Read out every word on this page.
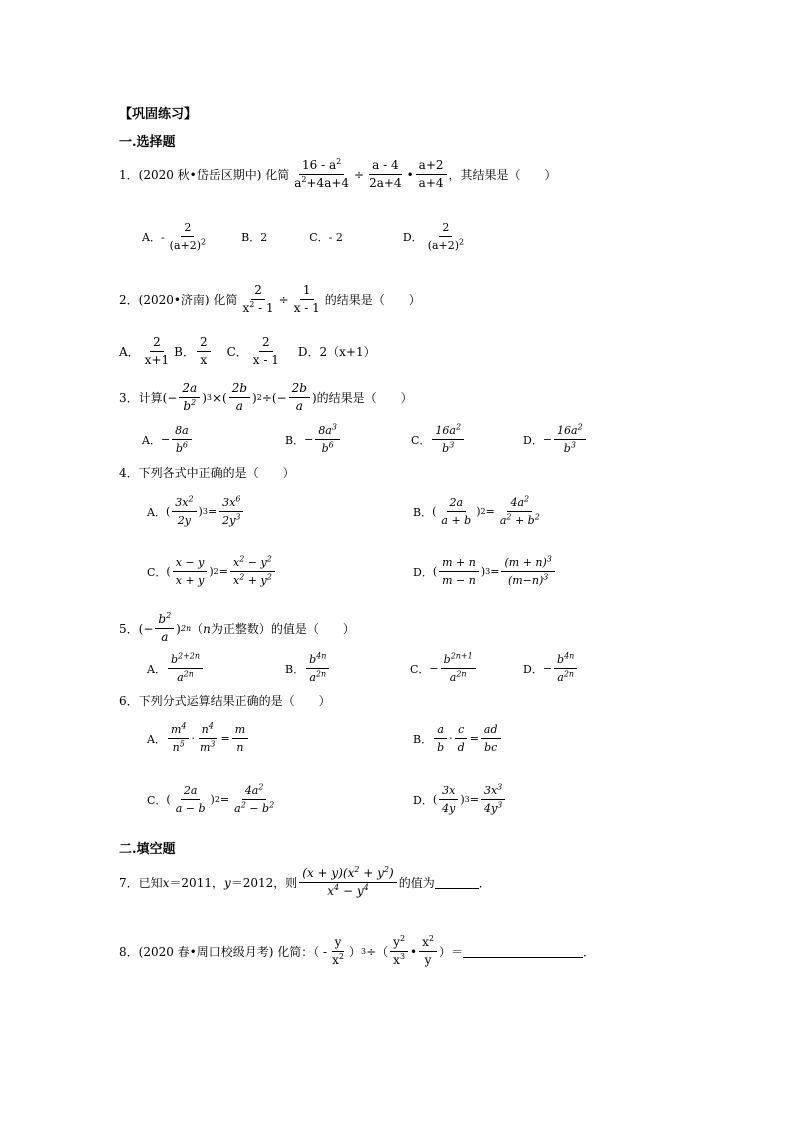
【巩固练习】
一.选择题
1．(2020 秋•岱岳区期中) 化简 $\frac{16 - a^2}{a^2+4a+4} \div \frac{a - 4}{2a+4}$ • $\frac{a+2}{a+4}$ ，其结果是（　　）
A．- $\frac{2}{(a+2)^2}$	B．2	C．- 2	D． $\frac{2}{(a+2)^2}$
2．(2020•济南) 化简 $\frac{2}{x^2 - 1} \div \frac{1}{x - 1}$ 的结果是（　　）
A． $\frac{2}{x+1}$ B． $\frac{2}{x}$ C． $\frac{2}{x - 1}$ D．2（x+1）
3．计算 (− $\frac{2a}{b^2}$ ) 3 ×( $\frac{2b}{a}$ ) 2 ÷(− $\frac{2b}{a}$ ) 的结果是（　　）
A． − $\frac{8a}{b^6}$	B． − $\frac{8a^3}{b^6}$	C． $\frac{16a^2}{b^3}$	D． − $\frac{16a^2}{b^3}$
4．下列各式中正确的是（　　）
A． ( $\frac{3x^2}{2y}$ ) $3 = \frac{3x^6}{2y^3}$	B． ( $\frac{2a}{a + b}$ ) $2 = \frac{4a^2}{a^2 + b^2}$
C． ( $\frac{x - y}{x + y}$ ) $2 = \frac{x^2 - y^2}{x^2 + y^2}$	D． ( $\frac{m + n}{m - n}$ ) $3 = \frac{(m + n)^3}{(m-n)^3}$
5． (− $\frac{b^2}{a}$ ) 2n （ n 为正整数）的值是（　　）
A． $\frac{b^{2+2n}}{a^{2n}}$	B． $\frac{b^{4n}}{a^{2n}}$	C． − $\frac{b^{2n+1}}{a^{2n}}$	D． − $\frac{b^{4n}}{a^{2n}}$
6．下列分式运算结果正确的是（　　）
A． $\frac{m^4}{n^5} \cdot \frac{n^4}{m^3} = \frac{m}{n}$	B． $\frac{a}{b} \cdot \frac{c}{d} = \frac{ad}{bc}$
C． ( $\frac{2a}{a - b}$ ) $2 = \frac{4a^2}{a^2 - b^2}$	D． ( $\frac{3x}{4y}$ ) $3 = \frac{3x^3}{4y^3}$
二.填空题
7．已知 x ＝2011， y ＝2012，则 $\frac{(x + y)(x^2 + y^2)}{x^4 - y^4}$ 的值为	．
8．(2020 春•周口校级月考) 化简：（ - $\frac{y}{x^2}$ ） 3 ÷（ $\frac{y^2}{x^3}$ • $\frac{x^2}{y}$ ）＝	．
